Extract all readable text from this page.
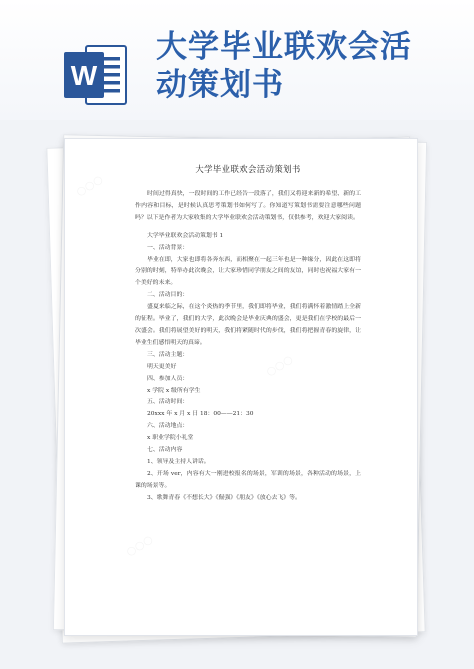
W
大学毕业联欢会活
动策划书
○○○
○○○
○○○
大学毕业联欢会活动策划书

时间过得真快，一段时间的工作已经告一段落了，我们又将迎来新的希望、新的工作内容和目标，是时候认真思考策划书如何写了。你知道写策划书需要注意哪些问题吗？以下是作者为大家收集的大学毕业联欢会活动策划书，仅供参考，欢迎大家阅读。

大学毕业联欢会活动策划书 1

一、活动背景：

毕业在即，大家也即将各奔东西，而相聚在一起三年也是一种缘分，因此在这即将分别的时刻，特举办此次晚会，让大家珍惜同学朋友之间的友谊，同时也祝福大家有一个美好的未来。

二、活动目的：

盛夏来临之际，在这个炎热的季节里，我们即将毕业，我们将满怀着激情踏上全新的征程。毕业了，我们的大学，此次晚会是毕业庆典的盛会，更是我们在学校的最后一次盛会。我们将展望美好的明天，我们将紧随时代的步伐，我们将把握青春的旋律，让毕业生们感悟明天的真谛。

三、活动主题：

明天更美好

四、参加人员：

x 学院 x 级所有学生

五、活动时间：

20xxx 年 x 月 x 日 18：00——21：30

六、活动地点：

x 职业学院小礼堂

七、活动内容

1、领导及主持人讲话。

2、开场 ver，内容有大一刚进校报名的场景，军训的场景，各种活动的场景，上课的场景等。

3、歌舞青春《不想长大》《倔强》《朋友》《放心去飞》等。
